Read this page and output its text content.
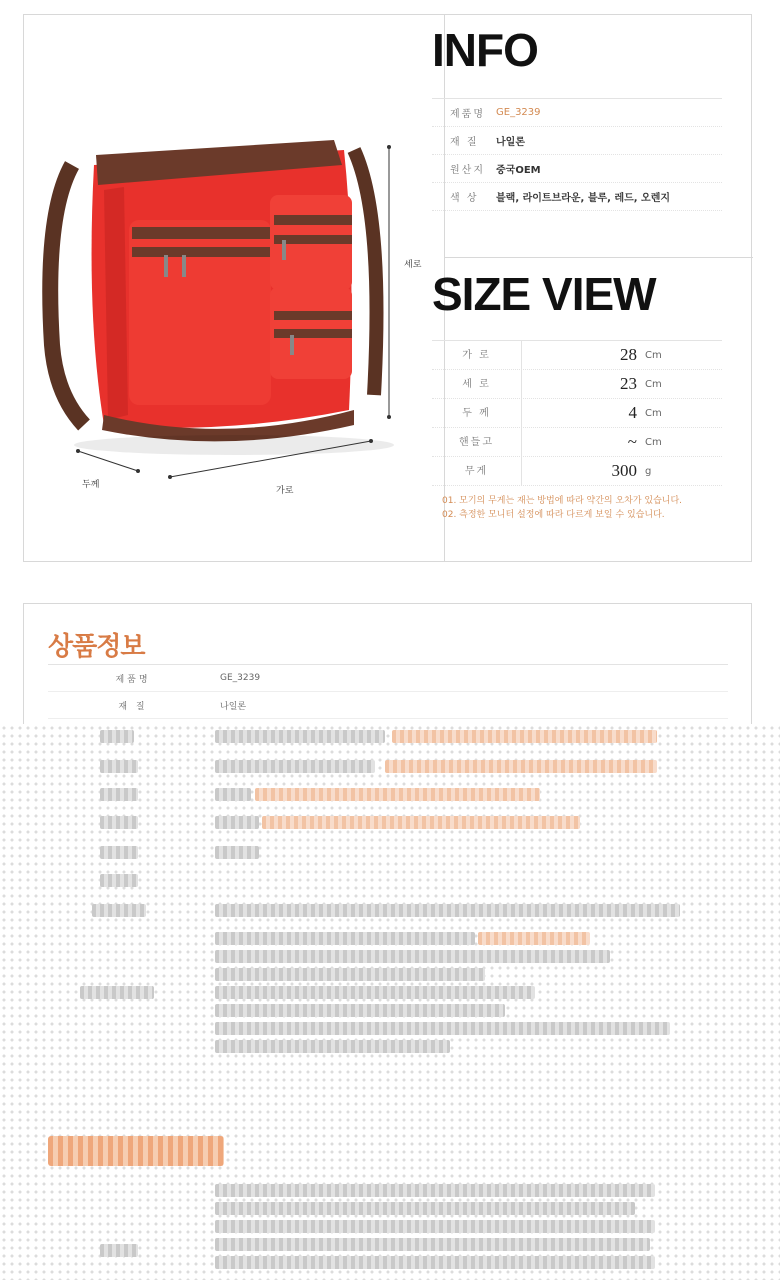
세로
두께
가로
INFO
제품명	GE_3239
재 질	나일론
원산지	중국OEM
색 상	블랙, 라이트브라운, 블루, 레드, 오렌지
SIZE VIEW
가 로	28 Cm
세 로	23 Cm
두 께	4 Cm
핸들고	~ Cm
무게	300 g
01. 모기의 무게는 재는 방법에 따라 약간의 오차가 있습니다.
02. 측정한 모니터 설정에 따라 다르게 보일 수 있습니다.
상품정보
제품명	GE_3239
재 질	나일론
